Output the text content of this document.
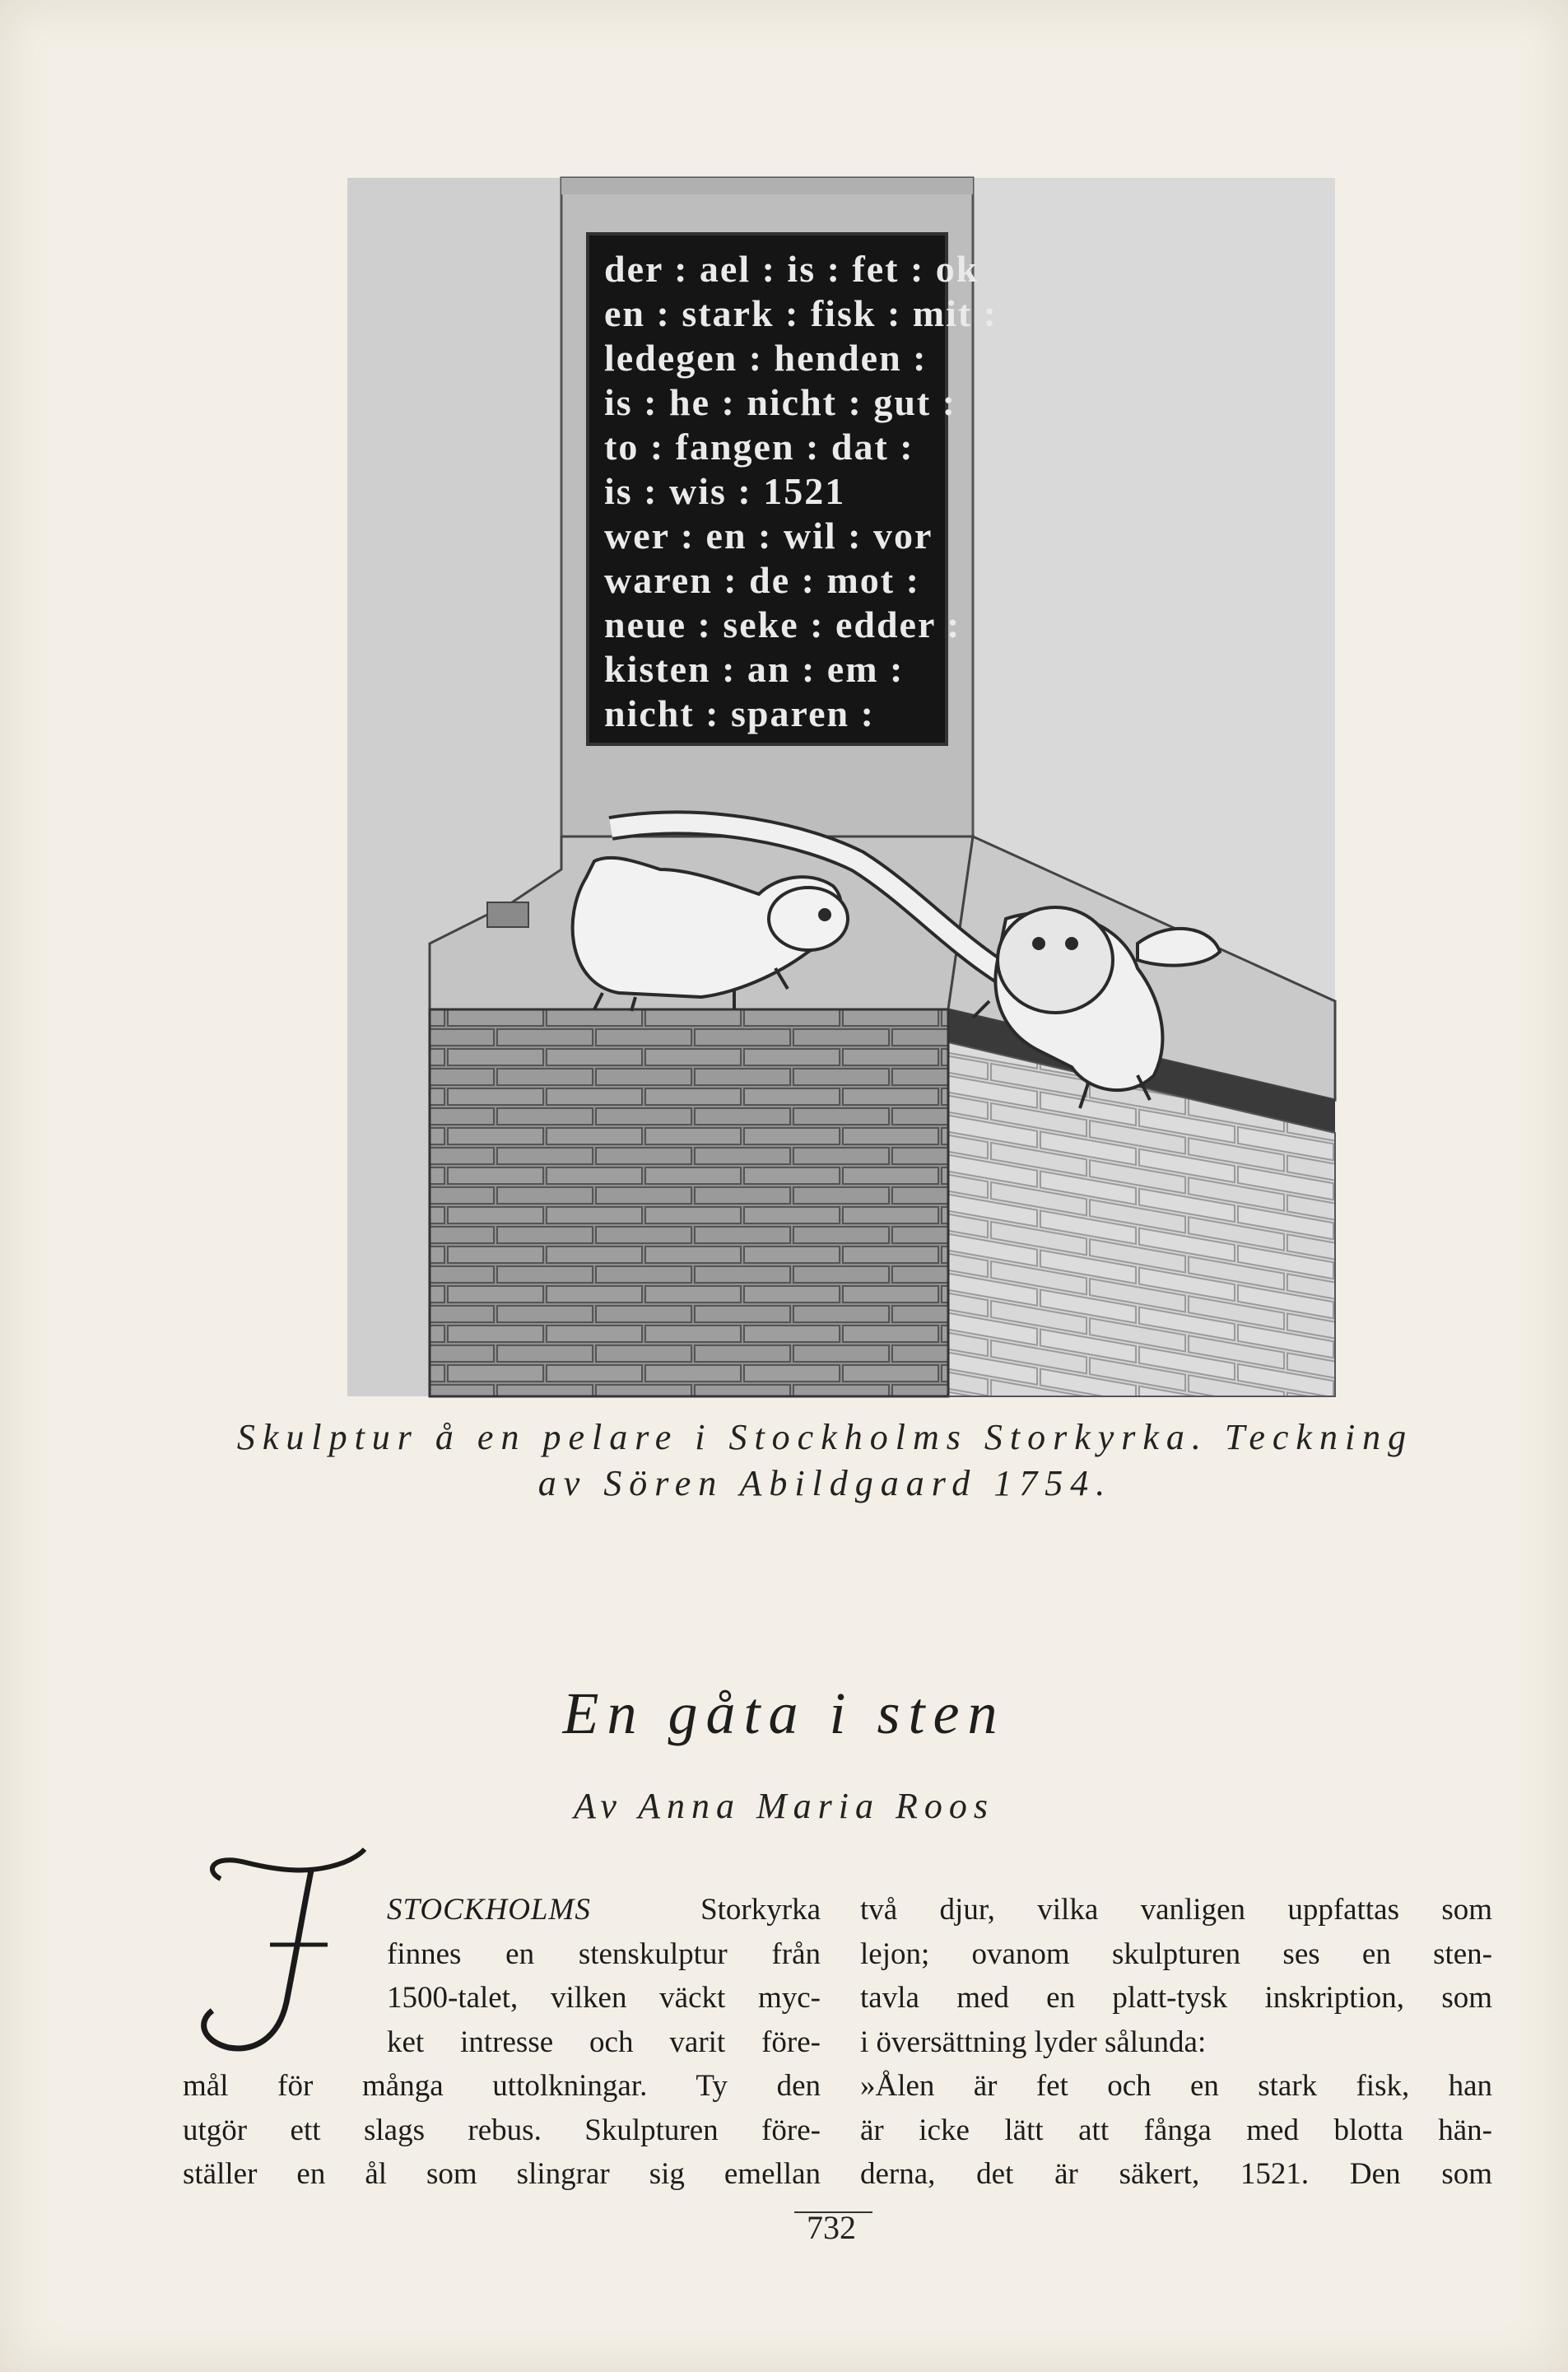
der : ael : is : fet : ok
en : stark : fisk : mit :
ledegen : henden :
is : he : nicht : gut :
to : fangen : dat :
is : wis : 1521
wer : en : wil : vor
waren : de : mot :
neue : seke : edder :
kisten : an : em :
nicht : sparen :
Skulptur å en pelare i Stockholms Storkyrka. Teckning
av Sören Abildgaard 1754.
En gåta i sten
Av Anna Maria Roos
I
STOCKHOLMS Storkyrka
finnes en stenskulptur från
1500-talet, vilken väckt myc-
ket intresse och varit före-
mål för många uttolkningar. Ty den
utgör ett slags rebus. Skulpturen före-
ställer en ål som slingrar sig emellan
två djur, vilka vanligen uppfattas som
lejon; ovanom skulpturen ses en sten-
tavla med en platt-tysk inskription, som
i översättning lyder sålunda:
»Ålen är fet och en stark fisk, han
är icke lätt att fånga med blotta hän-
derna, det är säkert, 1521. Den som
732
